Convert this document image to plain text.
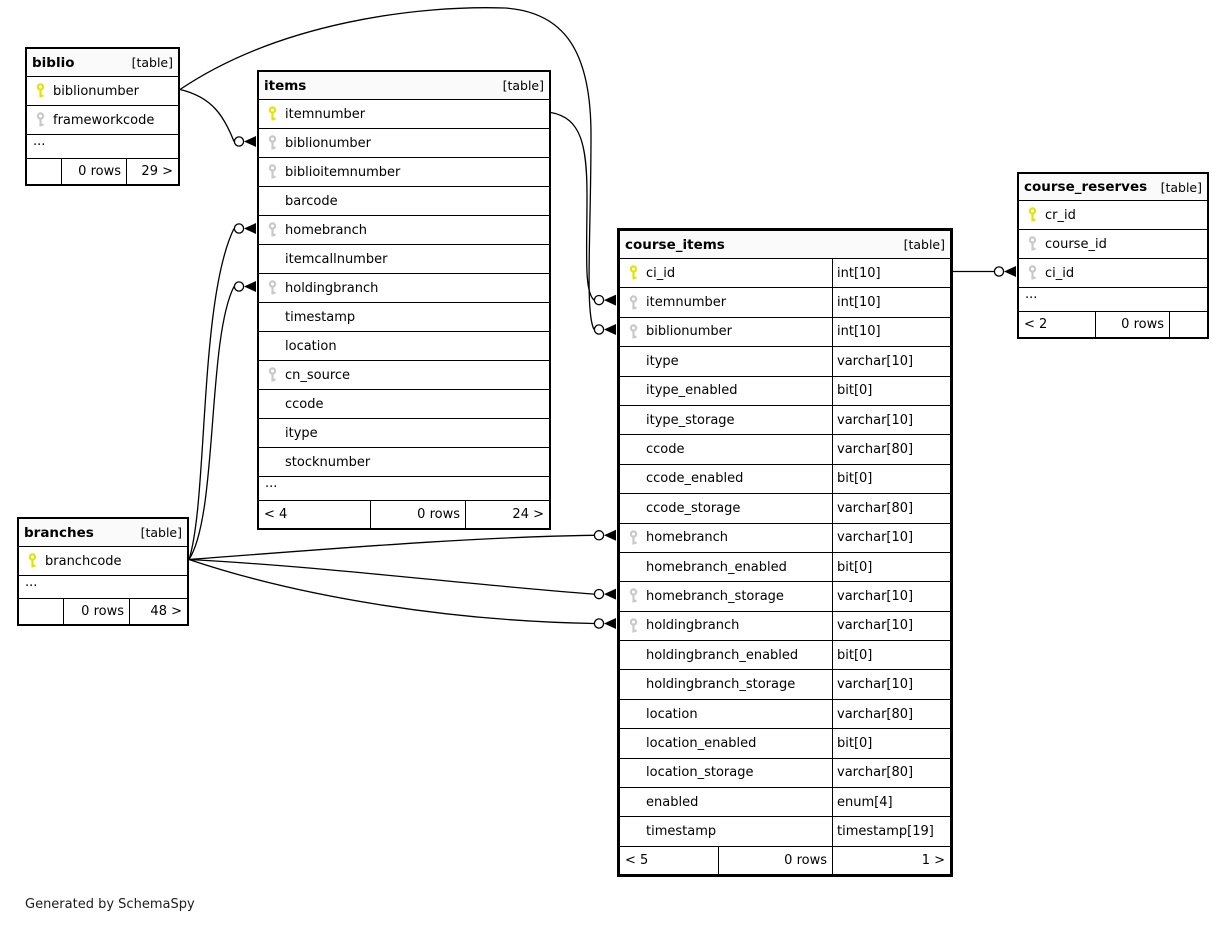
biblio	[table]
biblionumber
frameworkcode
...
0 rows	29 >
items	[table]
itemnumber
biblionumber
biblioitemnumber
barcode
homebranch
itemcallnumber
holdingbranch
timestamp
location
cn_source
ccode
itype
stocknumber
...
< 4	0 rows	24 >
branches	[table]
branchcode
...
0 rows	48 >
course_items	[table]
ci_id	int[10]
itemnumber	int[10]
biblionumber	int[10]
itype	varchar[10]
itype_enabled	bit[0]
itype_storage	varchar[10]
ccode	varchar[80]
ccode_enabled	bit[0]
ccode_storage	varchar[80]
homebranch	varchar[10]
homebranch_enabled	bit[0]
homebranch_storage	varchar[10]
holdingbranch	varchar[10]
holdingbranch_enabled	bit[0]
holdingbranch_storage	varchar[10]
location	varchar[80]
location_enabled	bit[0]
location_storage	varchar[80]
enabled	enum[4]
timestamp	timestamp[19]
< 5	0 rows	1 >
course_reserves [table]
cr_id
course_id
ci_id
...
< 2	0 rows
Generated by SchemaSpy
